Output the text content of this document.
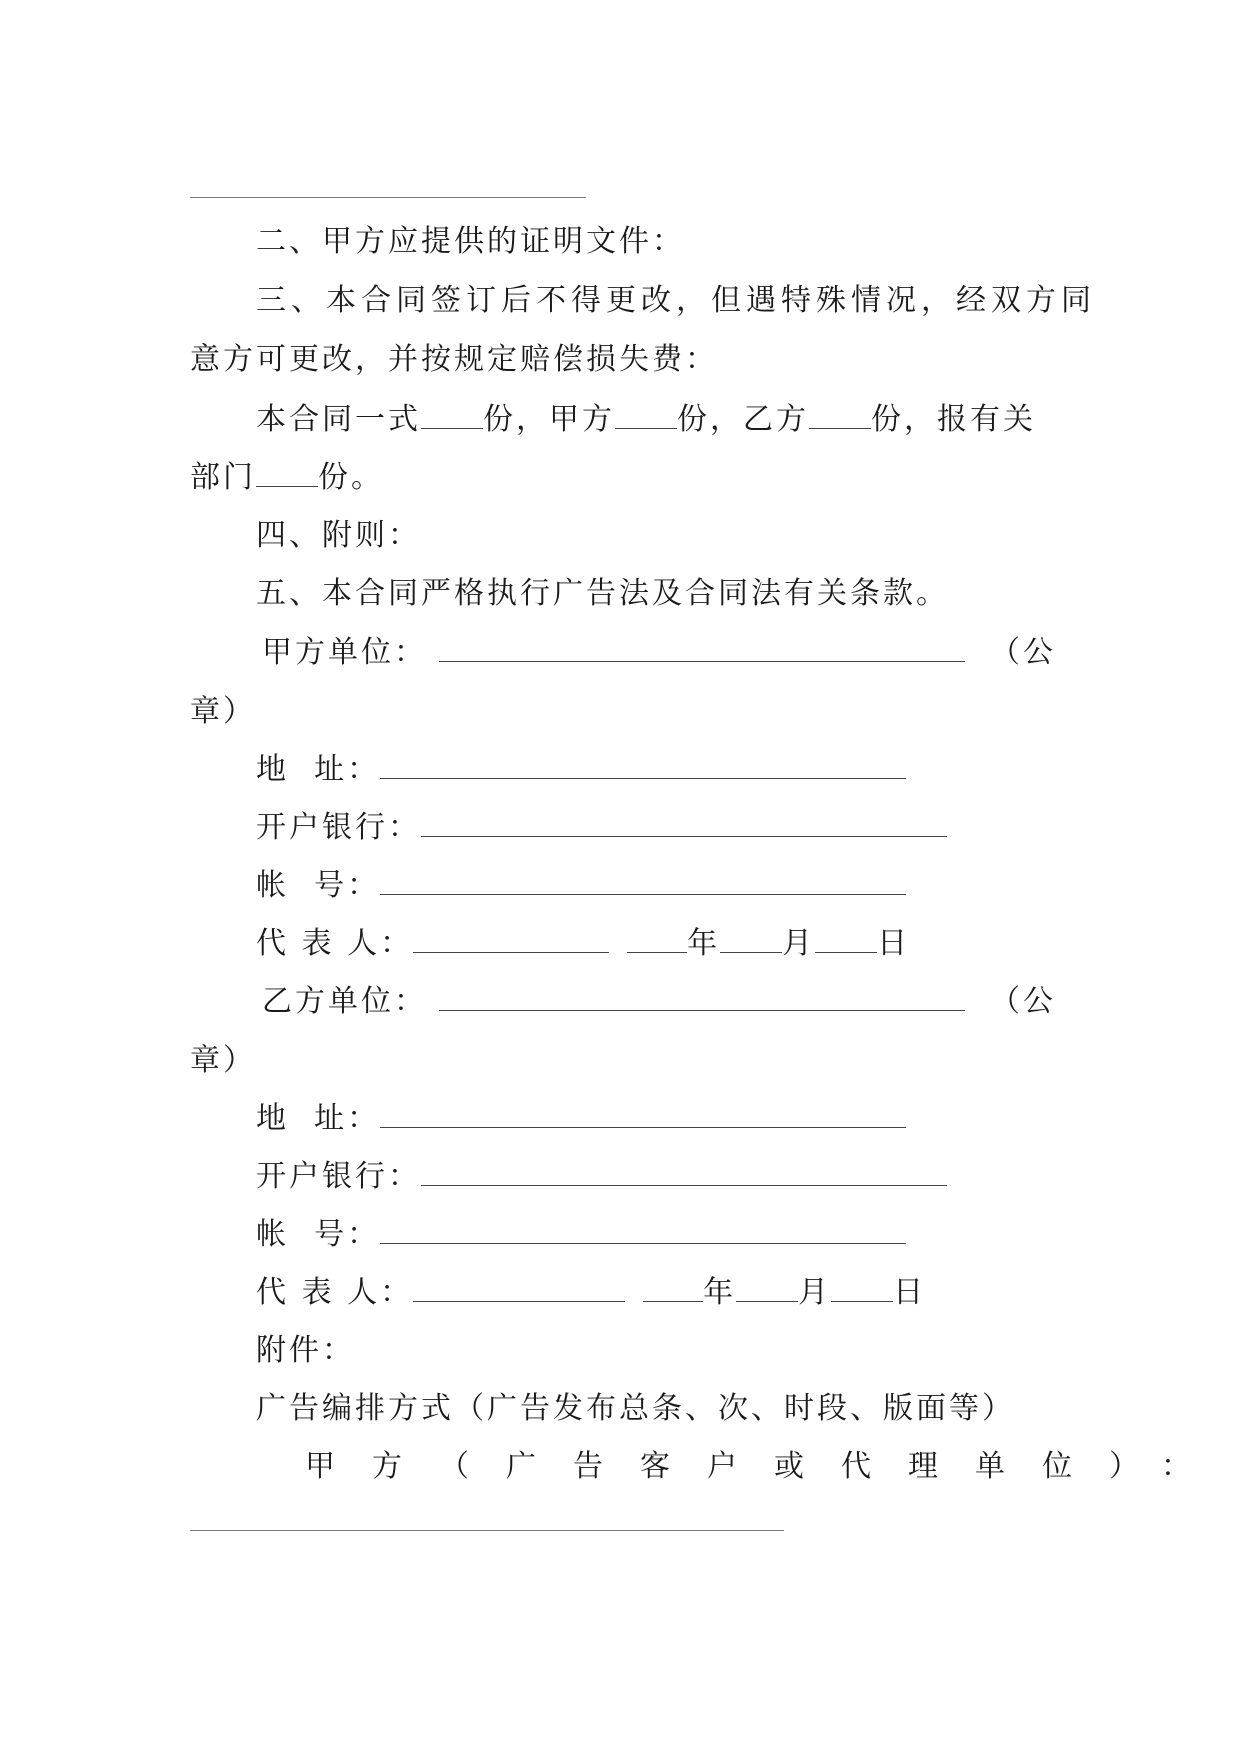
二、甲方应提供的证明文件：
三、本合同签订后不得更改，但遇特殊情况，经双方同
意方可更改，并按规定赔偿损失费：
本合同一式 份，甲方 份，乙方 份，报有关
部门 份。
四、附则：
五、本合同严格执行广告法及合同法有关条款。
甲方单位：	（公
章）
地  址：
开户银行：
帐  号：
代 表 人：	年 月 日
乙方单位：	（公
章）
地  址：
开户银行：
帐  号：
代 表 人：	年 月 日
附件：
广告编排方式（广告发布总条、次、时段、版面等）
甲方（广告客户或代理单位）：
